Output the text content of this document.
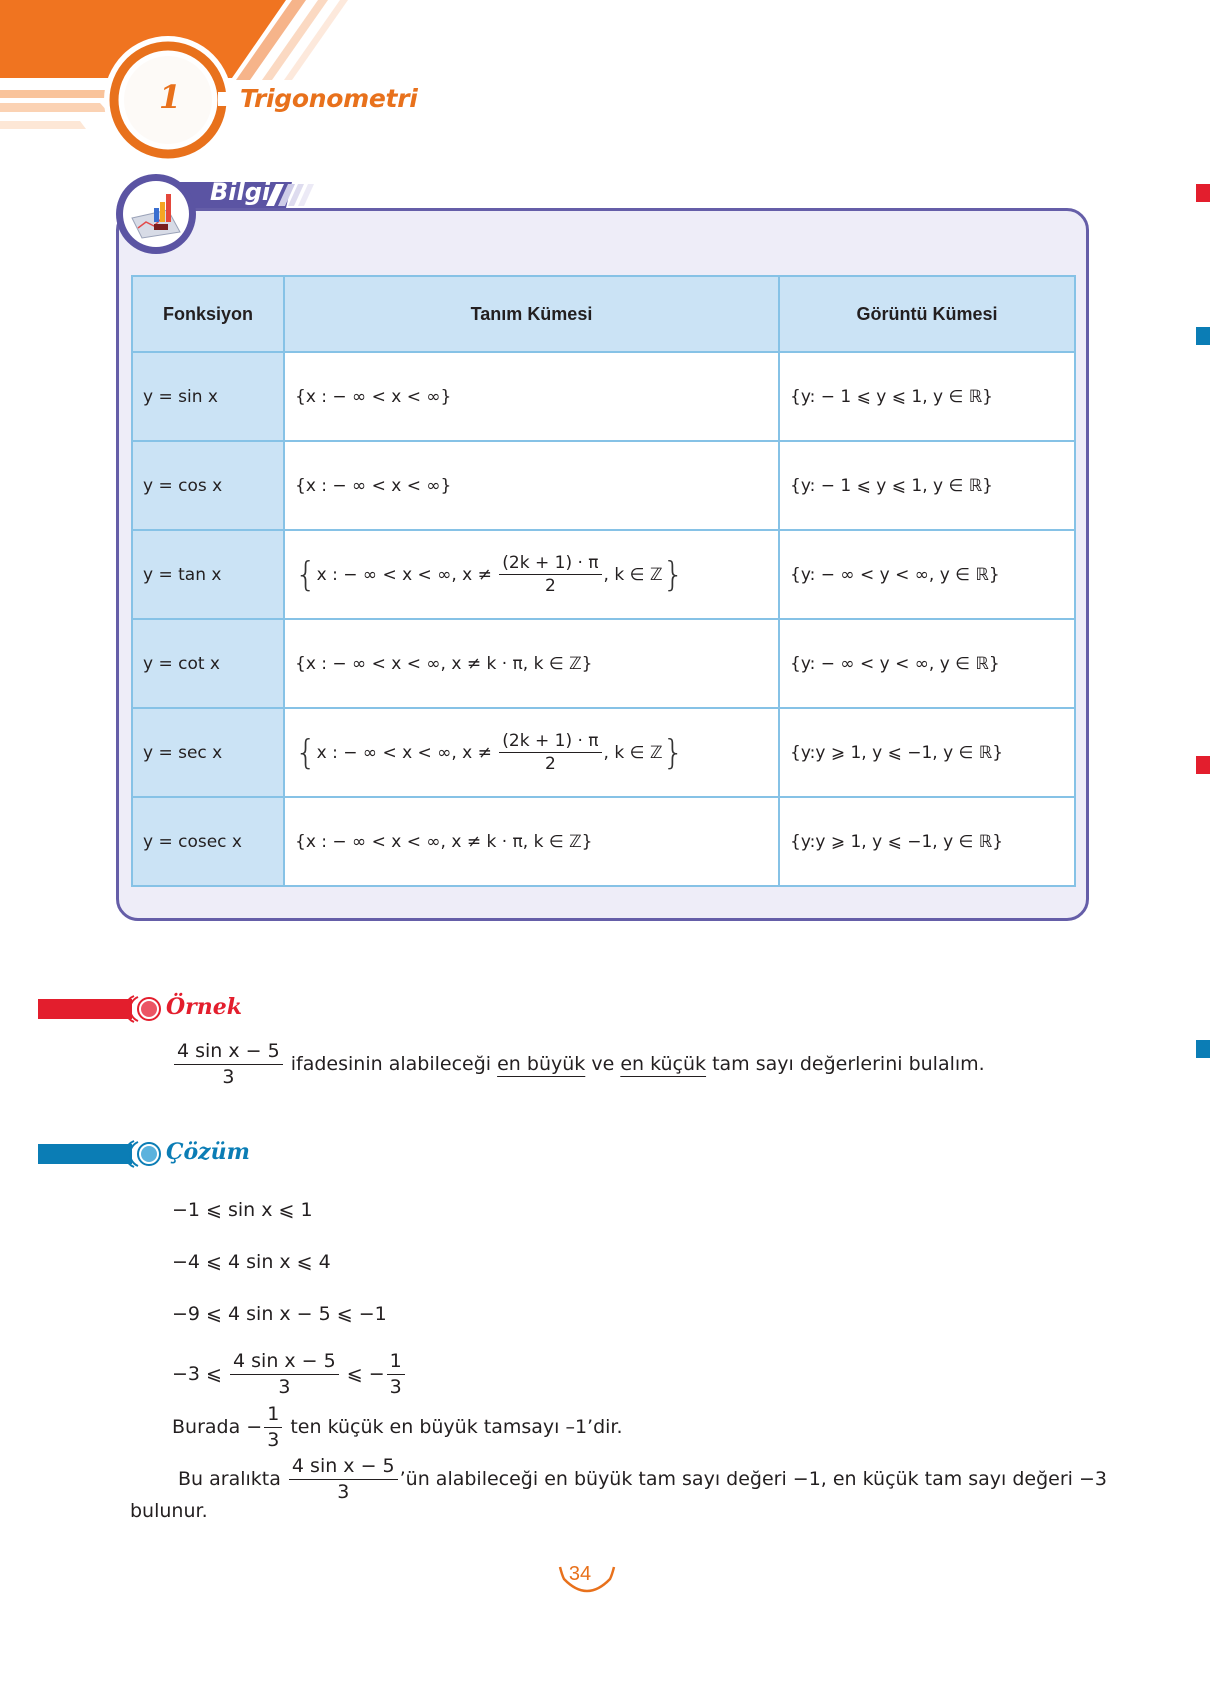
1	Trigonometri
Bilgi
Fonksiyon	Tanım Kümesi	Görüntü Kümesi
y = sin x	{x : − ∞ < x < ∞}	{y: − 1 ⩽ y ⩽ 1, y ∈ ℝ}
y = cos x	{x : − ∞ < x < ∞}	{y: − 1 ⩽ y ⩽ 1, y ∈ ℝ}
y = tan x	{x : − ∞ < x < ∞, $x \ne \frac{(2k + 1) \cdot \pi}{2}$ , k ∈ ℤ}	{y: − ∞ < y < ∞, y ∈ ℝ}
y = cot x	{x : − ∞ < x < ∞, x ≠ k · π, k ∈ ℤ}	{y: − ∞ < y < ∞, y ∈ ℝ}
y = sec x	{x : − ∞ < x < ∞, $x \ne \frac{(2k + 1) \cdot \pi}{2}$ , k ∈ ℤ}	{y:y ⩾ 1, y ⩽ −1, y ∈ ℝ}
y = cosec x	{x : − ∞ < x < ∞, x ≠ k · π, k ∈ ℤ}	{y:y ⩾ 1, y ⩽ −1, y ∈ ℝ}
Örnek
$\frac{\text{4 sin x − 5}}{3}$ ifadesinin alabileceği en büyük ve en küçük tam sayı değerlerini bulalım.
Çözüm
−1 ⩽ sin x ⩽ 1
−4 ⩽ 4 sin x ⩽ 4
−9 ⩽ 4 sin x − 5 ⩽ −1
−3 ⩽ $\frac{\text{4 sin x − 5}}{3}$ ⩽ − $\frac{1}{3}$
Burada − $\frac{1}{3}$ ten küçük en büyük tamsayı –1’dir.
Bu aralıkta $\frac{\text{4 sin x − 5}}{3}$ ’ün alabileceği en büyük tam sayı değeri −1, en küçük tam sayı değeri −3
bulunur.
34
